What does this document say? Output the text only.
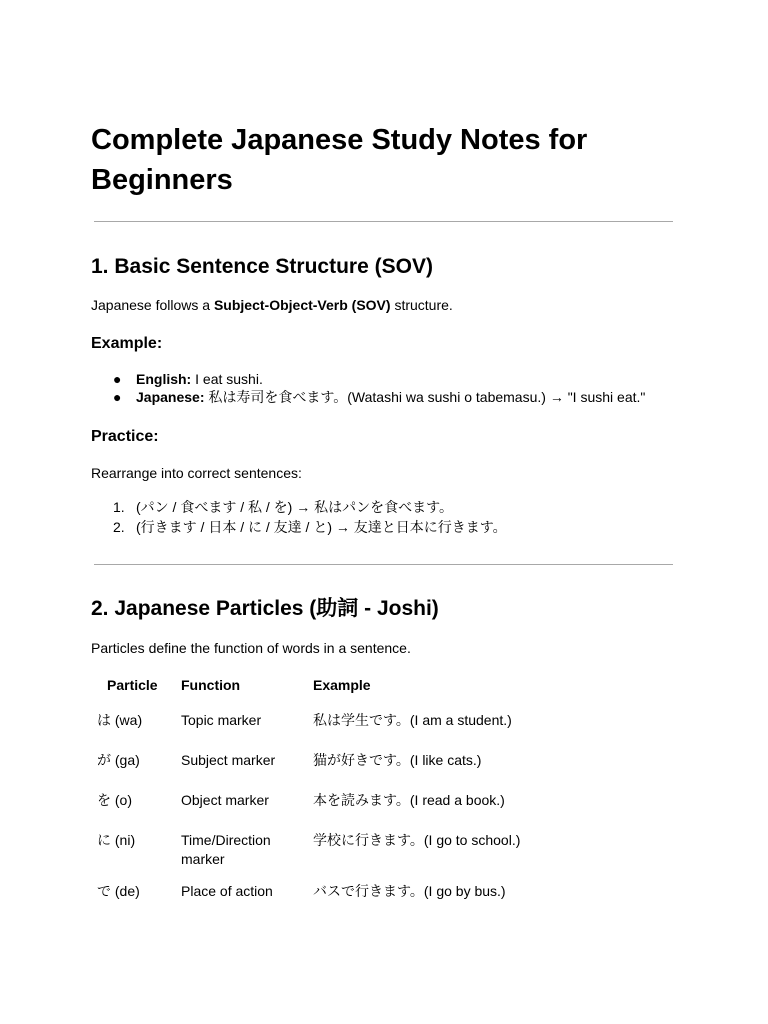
Complete Japanese Study Notes for Beginners
1. Basic Sentence Structure (SOV)

Japanese follows a Subject-Object-Verb (SOV) structure.

Example:
● English: I eat sushi.
● Japanese: 私は寿司を食べます。(Watashi wa sushi o tabemasu.) → "I sushi eat."
Practice:

Rearrange into correct sentences:

1. (パン / 食べます / 私 / を) → 私はパンを食べます。
2. (行きます / 日本 / に / 友達 / と) → 友達と日本に行きます。
2. Japanese Particles (助詞 - Joshi)

Particles define the function of words in a sentence.

Particle	Function	Example
は (wa)	Topic marker	私は学生です。(I am a student.)
が (ga)	Subject marker	猫が好きです。(I like cats.)
を (o)	Object marker	本を読みます。(I read a book.)
に (ni)	Time/Direction marker	学校に行きます。(I go to school.)
で (de)	Place of action	バスで行きます。(I go by bus.)
